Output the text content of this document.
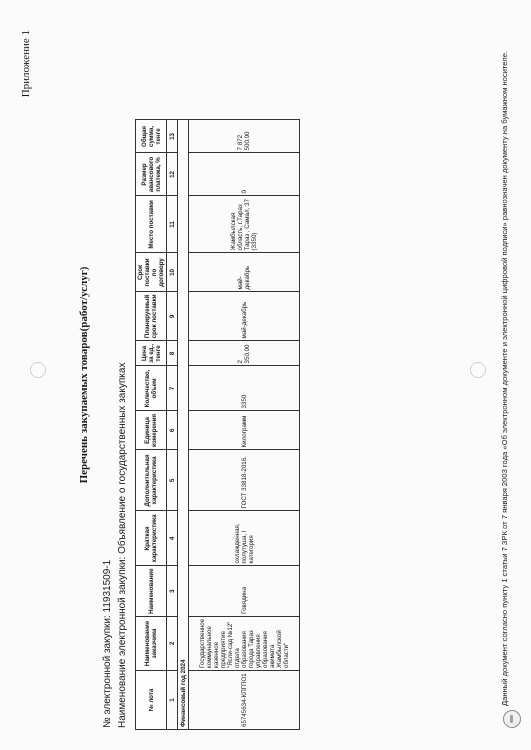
Приложение 1
Перечень закупаемых товаров(работ/услуг)
№ электронной закупки: 11931509-1 Наименование электронной закупки: Объявление о государственных закупках	№ лота	Наименование заказчика	Наименование	Краткая характеристика	Дополнительная характеристика	Единица измерения	Количество, объем	Цена за ед., тенге	Планируемый срок поставки	Срок поставки по договору	Место поставки	Размер авансового платежа, %	Общая сумма, тенге
1	2	3	4	5	6	7	8	9	10	11	12	13
Финансовый год 2024												
65745634-КПГПО1	Государственное коммунальное казенное предприятие "Ясли-сад №12" отдела образования города Тараз управления образования акимата Жамбылской области"	Говядина	охлажденная, полутуша, I категория	ГОСТ 33818-2016.	Килограмм	3350	2 350,00	май-декабрь	май-декабрь	Жамбылская область, г.Тараз Тараз , Самал, 37 (3350)	0	7 872 500,00	Данный документ согласно пункту 1 статьи 7 ЗРК от 7 января 2003 года «Об электронном документе и электронной цифровой подписи» равнозначен документу на бумажном носителе.
